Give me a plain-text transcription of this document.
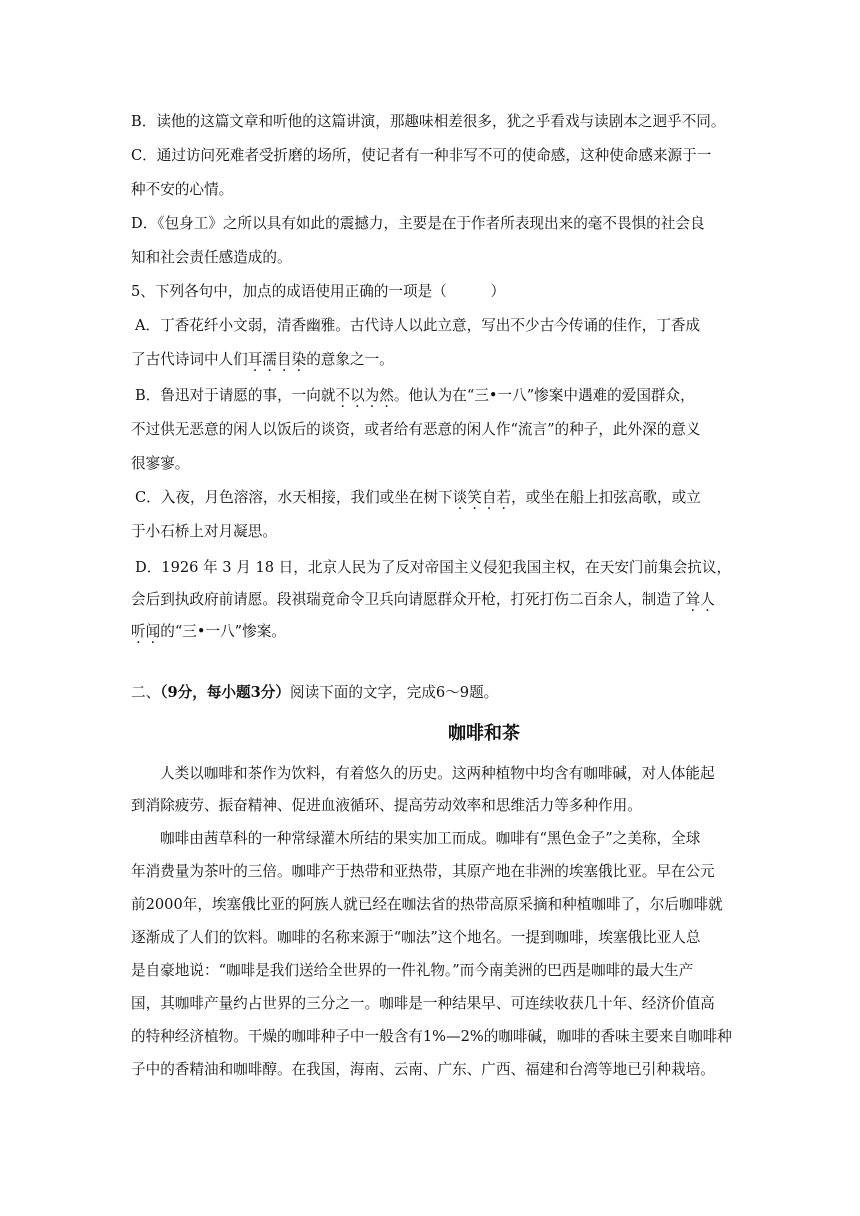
B．读他的这篇文章和听他的这篇讲演，那趣味相差很多，犹之乎看戏与读剧本之迥乎不同。
C．通过访问死难者受折磨的场所，使记者有一种非写不可的使命感，这种使命感来源于一
种不安的心情。
D．《包身工》之所以具有如此的震撼力，主要是在于作者所表现出来的毫不畏惧的社会良
知和社会责任感造成的。
5、下列各句中，加点的成语使用正确的一项是（　　　）
A．丁香花纤小文弱，清香幽雅。古代诗人以此立意，写出不少古今传诵的佳作，丁香成
了古代诗词中人们耳濡目染的意象之一。
B．鲁迅对于请愿的事，一向就不以为然。他认为在“三•一八”惨案中遇难的爱国群众，
不过供无恶意的闲人以饭后的谈资，或者给有恶意的闲人作“流言”的种子，此外深的意义
很寥寥。
C．入夜，月色溶溶，水天相接，我们或坐在树下谈笑自若，或坐在船上扣弦高歌，或立
于小石桥上对月凝思。
D．1926 年 3 月 18 日，北京人民为了反对帝国主义侵犯我国主权，在天安门前集会抗议，
会后到执政府前请愿。段祺瑞竟命令卫兵向请愿群众开枪，打死打伤二百余人，制造了耸人
听闻的“三•一八”惨案。
二、（9分，每小题3分）阅读下面的文字，完成6～9题。
咖啡和茶
人类以咖啡和茶作为饮料，有着悠久的历史。这两种植物中均含有咖啡碱，对人体能起
到消除疲劳、振奋精神、促进血液循环、提高劳动效率和思维活力等多种作用。
咖啡由茜草科的一种常绿灌木所结的果实加工而成。咖啡有“黑色金子”之美称，全球
年消费量为茶叶的三倍。咖啡产于热带和亚热带，其原产地在非洲的埃塞俄比亚。早在公元
前2000年，埃塞俄比亚的阿族人就已经在咖法省的热带高原采摘和种植咖啡了，尔后咖啡就
逐渐成了人们的饮料。咖啡的名称来源于“咖法”这个地名。一提到咖啡，埃塞俄比亚人总
是自豪地说：“咖啡是我们送给全世界的一件礼物。”而今南美洲的巴西是咖啡的最大生产
国，其咖啡产量约占世界的三分之一。咖啡是一种结果早、可连续收获几十年、经济价值高
的特种经济植物。干燥的咖啡种子中一般含有1%—2%的咖啡碱，咖啡的香味主要来自咖啡种
子中的香精油和咖啡醇。在我国，海南、云南、广东、广西、福建和台湾等地已引种栽培。
